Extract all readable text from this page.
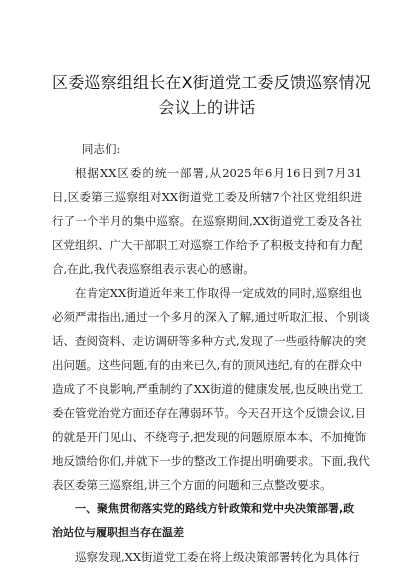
区委巡察组组长在X街道党工委反馈巡察情况
会议上的讲话

同志们:

根据XX区委的统一部署,从2025年6月16日到7月31
日,区委第三巡察组对XX街道党工委及所辖7个社区党组织进
行了一个半月的集中巡察。在巡察期间,XX街道党工委及各社
区党组织、广大干部职工对巡察工作给予了积极支持和有力配
合,在此,我代表巡察组表示衷心的感谢。

在肯定XX街道近年来工作取得一定成效的同时,巡察组也
必须严肃指出,通过一个多月的深入了解,通过听取汇报、个别谈
话、查阅资料、走访调研等多种方式,发现了一些亟待解决的突
出问题。这些问题,有的由来已久,有的顶风违纪,有的在群众中
造成了不良影响,严重制约了XX街道的健康发展,也反映出党工
委在管党治党方面还存在薄弱环节。今天召开这个反馈会议,目
的就是开门见山、不绕弯子,把发现的问题原原本本、不加掩饰
地反馈给你们,并就下一步的整改工作提出明确要求。下面,我代
表区委第三巡察组,讲三个方面的问题和三点整改要求。

一、聚焦贯彻落实党的路线方针政策和党中央决策部署,政
治站位与履职担当存在温差

巡察发现,XX街道党工委在将上级决策部署转化为具体行
